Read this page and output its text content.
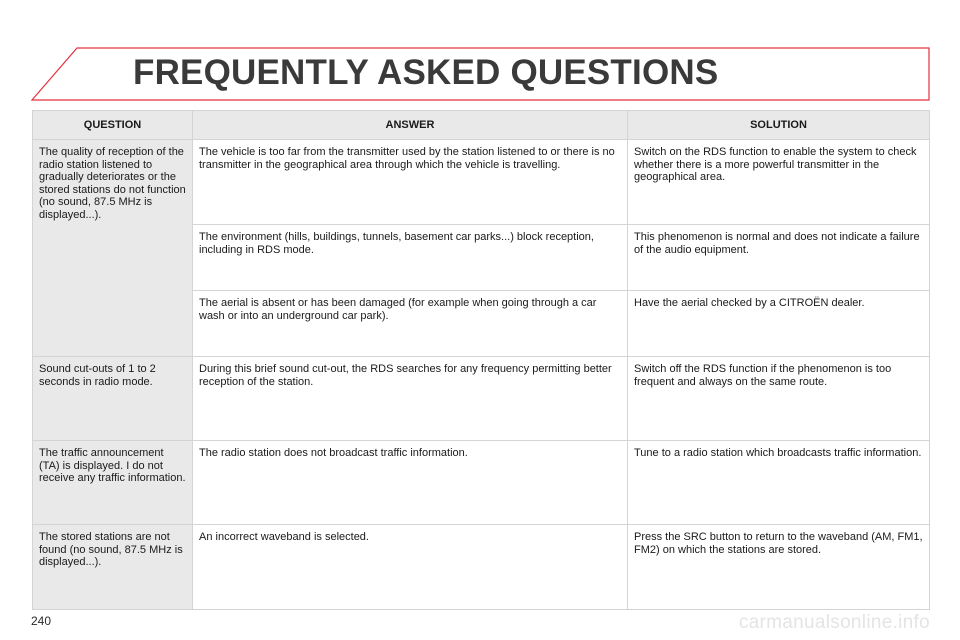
FREQUENTLY ASKED QUESTIONS
QUESTION	ANSWER	SOLUTION
The quality of reception of the radio station listened to gradually deteriorates or the stored stations do not function (no sound, 87.5 MHz is displayed...).	The vehicle is too far from the transmitter used by the station listened to or there is no transmitter in the geographical area through which the vehicle is travelling.	Switch on the RDS function to enable the system to check whether there is a more powerful transmitter in the geographical area.
	The environment (hills, buildings, tunnels, basement car parks...) block reception, including in RDS mode.	This phenomenon is normal and does not indicate a failure of the audio equipment.
	The aerial is absent or has been damaged (for example when going through a car wash or into an underground car park).	Have the aerial checked by a CITROËN dealer.
Sound cut-outs of 1 to 2 seconds in radio mode.	During this brief sound cut-out, the RDS searches for any frequency permitting better reception of the station.	Switch off the RDS function if the phenomenon is too frequent and always on the same route.
The traffic announcement (TA) is displayed. I do not receive any traffic information.	The radio station does not broadcast traffic information.	Tune to a radio station which broadcasts traffic information.
The stored stations are not found (no sound, 87.5 MHz is displayed...).	An incorrect waveband is selected.	Press the SRC button to return to the waveband (AM, FM1, FM2) on which the stations are stored.
240	carmanualsonline.info
